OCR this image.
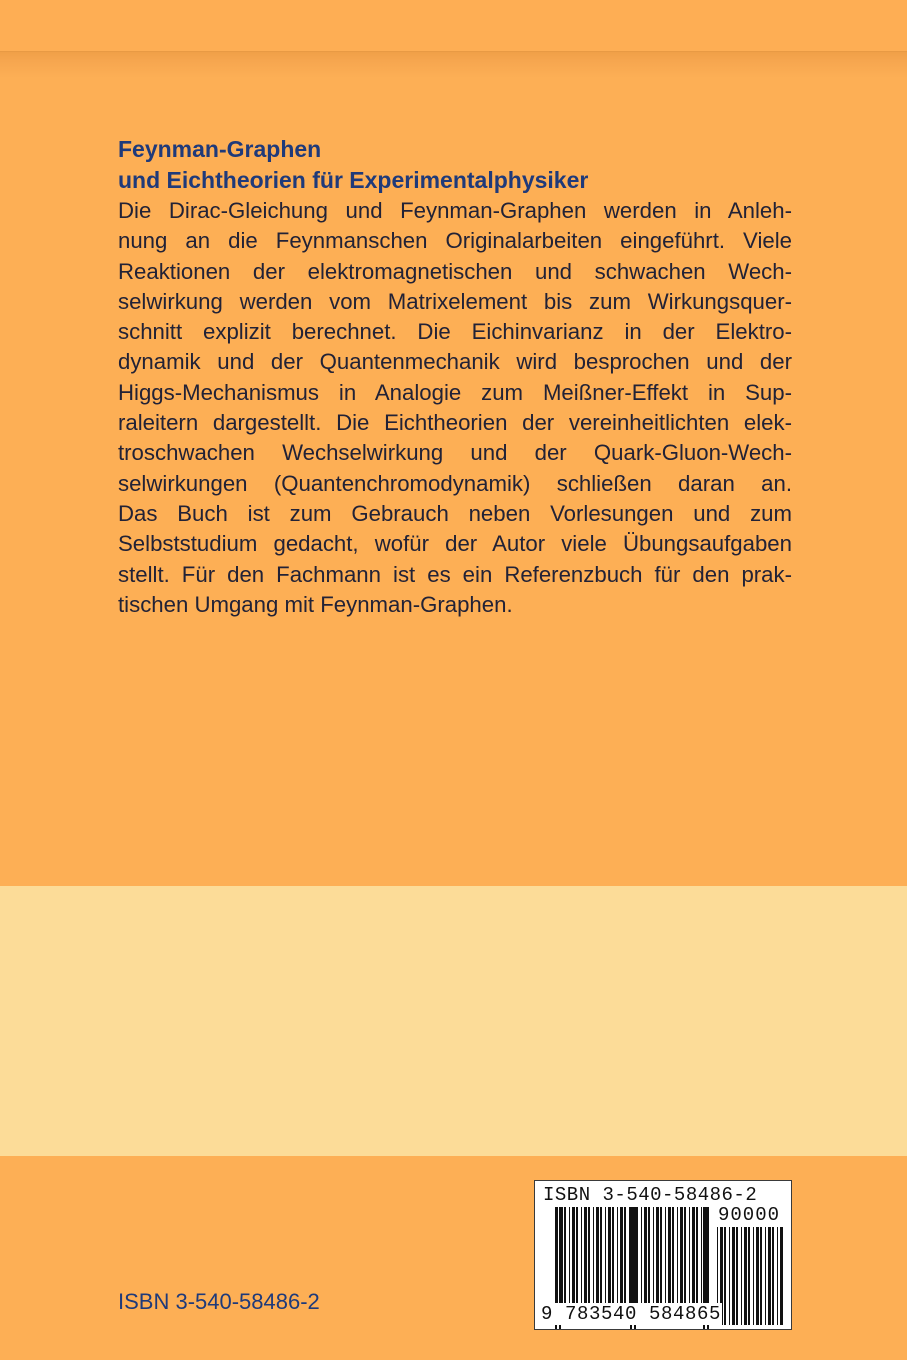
Feynman-Graphen
und Eichtheorien für Experimentalphysiker
Die Dirac-Gleichung und Feynman-Graphen werden in Anleh-
nung an die Feynmanschen Originalarbeiten eingeführt. Viele
Reaktionen der elektromagnetischen und schwachen Wech-
selwirkung werden vom Matrixelement bis zum Wirkungsquer-
schnitt explizit berechnet. Die Eichinvarianz in der Elektro-
dynamik und der Quantenmechanik wird besprochen und der
Higgs-Mechanismus in Analogie zum Meißner-Effekt in Sup-
raleitern dargestellt. Die Eichtheorien der vereinheitlichten elek-
troschwachen Wechselwirkung und der Quark-Gluon-Wech-
selwirkungen (Quantenchromodynamik) schließen daran an.
Das Buch ist zum Gebrauch neben Vorlesungen und zum
Selbststudium gedacht, wofür der Autor viele Übungsaufgaben
stellt. Für den Fachmann ist es ein Referenzbuch für den prak-
tischen Umgang mit Feynman-Graphen.
ISBN 3-540-58486-2
ISBN 3-540-58486-2
90000
9 783540 584865
